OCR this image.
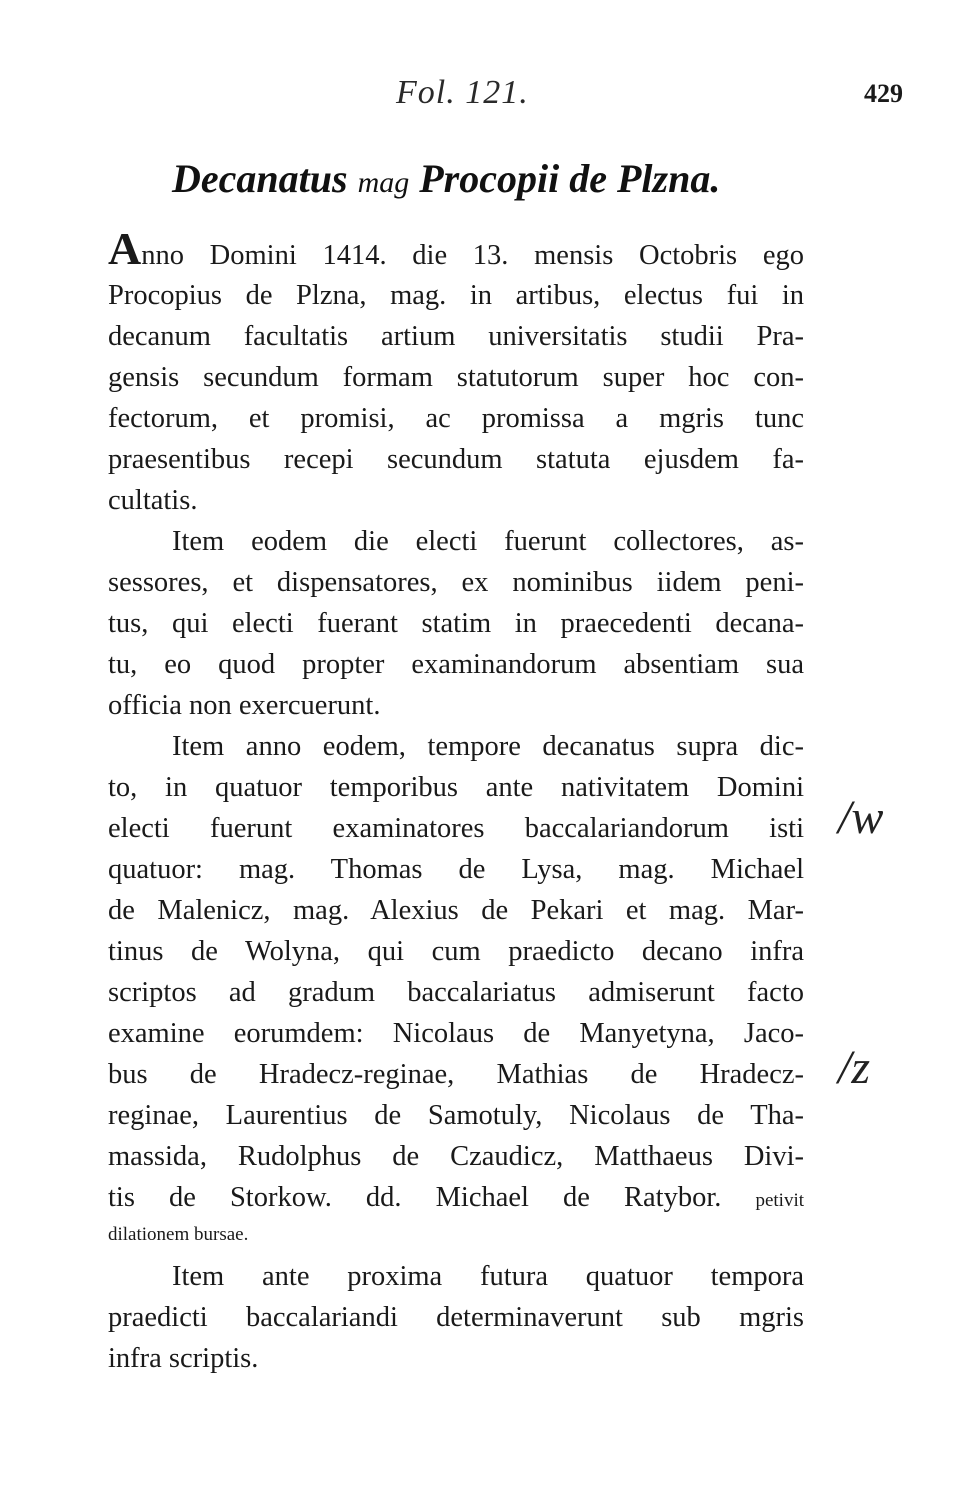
Fol. 121.	429
Decanatus mag Procopii de Plzna.
Anno Domini 1414. die 13. mensis Octobris ego
Procopius de Plzna, mag. in artibus, electus fui in
decanum facultatis artium universitatis studii Pra-
gensis secundum formam statutorum super hoc con-
fectorum, et promisi, ac promissa a mgris tunc
praesentibus recepi secundum statuta ejusdem fa-
cultatis.
Item eodem die electi fuerunt collectores, as-
sessores, et dispensatores, ex nominibus iidem peni-
tus, qui electi fuerant statim in praecedenti decana-
tu, eo quod propter examinandorum absentiam sua
officia non exercuerunt.
Item anno eodem, tempore decanatus supra dic-
to, in quatuor temporibus ante nativitatem Domini
electi fuerunt examinatores baccalariandorum isti
quatuor: mag. Thomas de Lysa, mag. Michael
de Malenicz, mag. Alexius de Pekari et mag. Mar-
tinus de Wolyna, qui cum praedicto decano infra
scriptos ad gradum baccalariatus admiserunt facto
examine eorumdem: Nicolaus de Manyetyna, Jaco-
bus de Hradecz-reginae, Mathias de Hradecz-
reginae, Laurentius de Samotuly, Nicolaus de Tha-
massida, Rudolphus de Czaudicz, Matthaeus Divi-
tis de Storkow. dd. Michael de Ratybor. petivit
dilationem bursae.
Item ante proxima futura quatuor tempora
praedicti baccalariandi determinaverunt sub mgris
infra scriptis.
/w
/z
